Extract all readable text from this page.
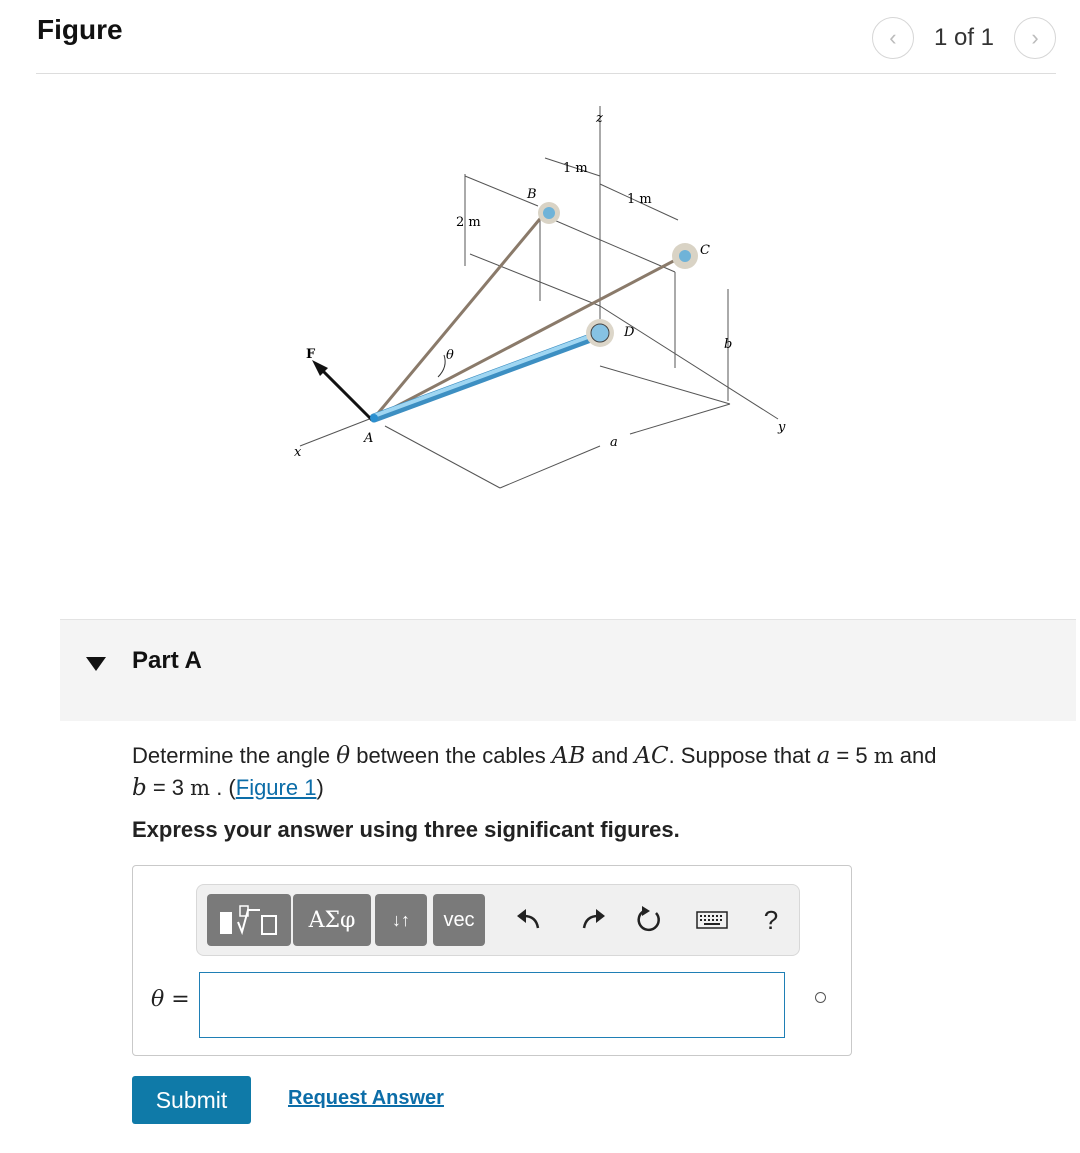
Figure	‹ 1 of 1 ›
z
1 m
1 m
2 m
B
C
D
F	θ
b
y
x
A	a
Part A
Determine the angle θ between the cables AB and AC. Suppose that a = 5 m and
b = 3 m . (Figure 1)
Express your answer using three significant figures.
ΑΣφ	↓↑	vec	?
θ =
Submit	Request Answer
